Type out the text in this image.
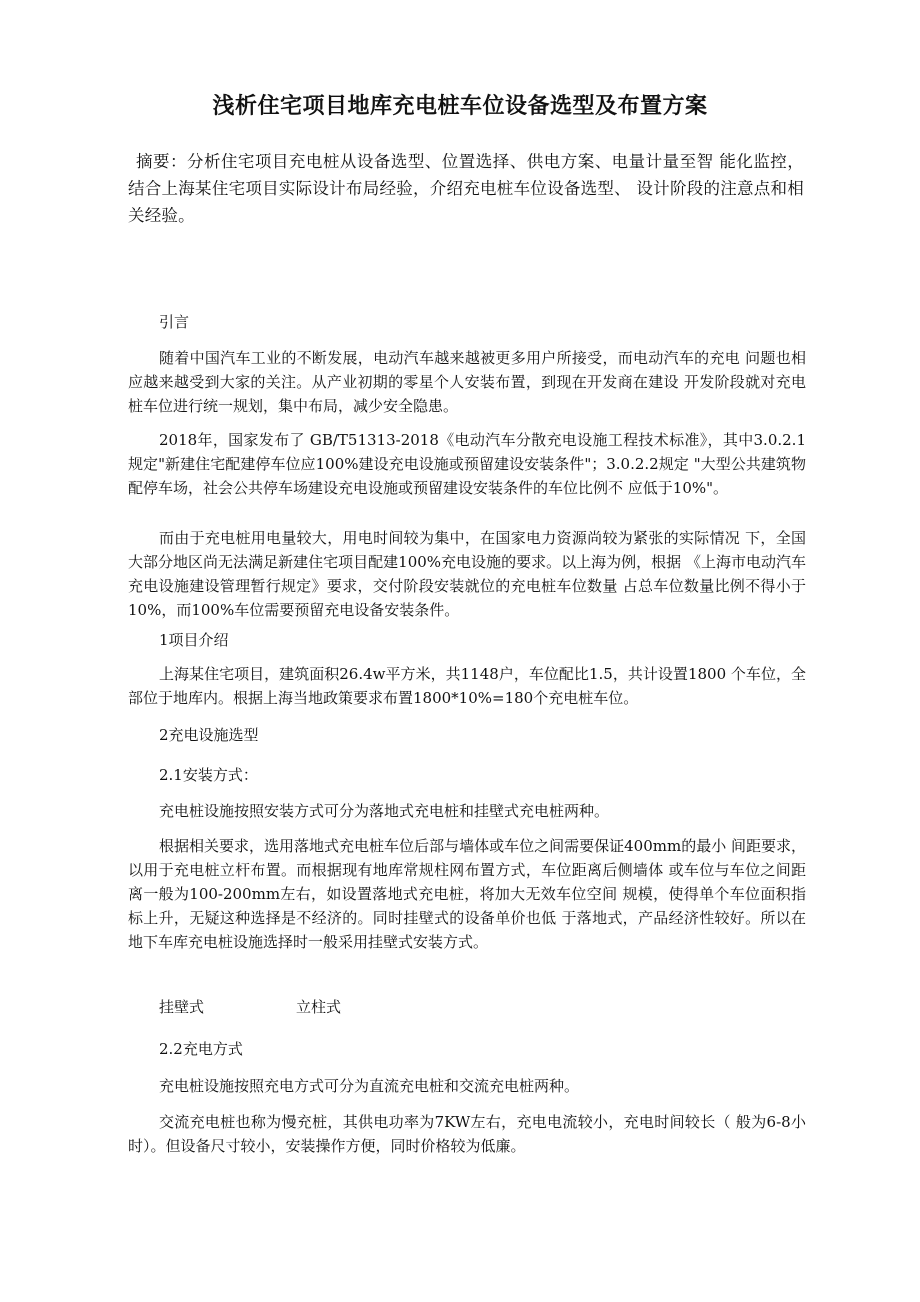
浅析住宅项目地库充电桩车位设备选型及布置方案
摘要：分析住宅项目充电桩从设备选型、位置选择、供电方案、电量计量至智 能化监控，结合上海某住宅项目实际设计布局经验，介绍充电桩车位设备选型、 设计阶段的注意点和相关经验。

引言

随着中国汽车工业的不断发展，电动汽车越来越被更多用户所接受，而电动汽车的充电 问题也相应越来越受到大家的关注。从产业初期的零星个人安装布置，到现在开发商在建设 开发阶段就对充电桩车位进行统一规划，集中布局，减少安全隐患。

2018年，国家发布了 GB/T51313-2018《电动汽车分散充电设施工程技术标准》，其中3.0.2.1规定"新建住宅配建停车位应100%建设充电设施或预留建设安装条件"；3.0.2.2规定 "大型公共建筑物配停车场，社会公共停车场建设充电设施或预留建设安装条件的车位比例不 应低于10%"。

而由于充电桩用电量较大，用电时间较为集中，在国家电力资源尚较为紧张的实际情况 下，全国大部分地区尚无法满足新建住宅项目配建100%充电设施的要求。以上海为例，根据 《上海市电动汽车充电设施建设管理暂行规定》要求，交付阶段安装就位的充电桩车位数量 占总车位数量比例不得小于10%，而100%车位需要预留充电设备安装条件。

1项目介绍

上海某住宅项目，建筑面积26.4w平方米，共1148户，车位配比1.5，共计设置1800 个车位，全部位于地库内。根据上海当地政策要求布置1800*10%=180个充电桩车位。

2充电设施选型

2.1安装方式：

充电桩设施按照安装方式可分为落地式充电桩和挂壁式充电桩两种。

根据相关要求，选用落地式充电桩车位后部与墙体或车位之间需要保证400mm的最小 间距要求，以用于充电桩立杆布置。而根据现有地库常规柱网布置方式，车位距离后侧墙体 或车位与车位之间距离一般为100-200mm左右，如设置落地式充电桩，将加大无效车位空间 规模，使得单个车位面积指标上升，无疑这种选择是不经济的。同时挂壁式的设备单价也低 于落地式，产品经济性较好。所以在地下车库充电桩设施选择时一般采用挂壁式安装方式。

挂壁式	立柱式

2.2充电方式

充电桩设施按照充电方式可分为直流充电桩和交流充电桩两种。

交流充电桩也称为慢充桩，其供电功率为7KW左右，充电电流较小，充电时间较长（ 般为6-8小时）。但设备尺寸较小，安装操作方便，同时价格较为低廉。
